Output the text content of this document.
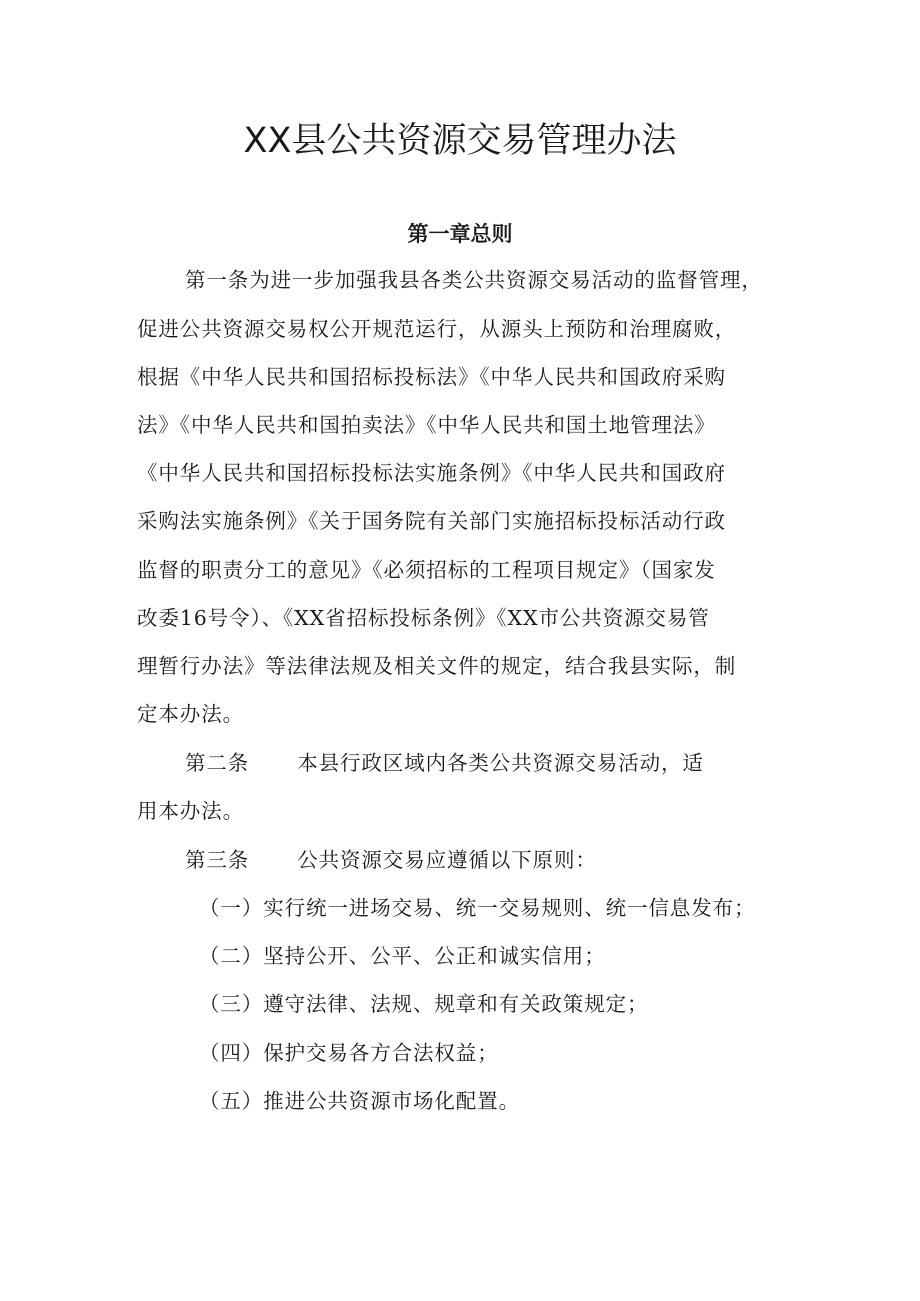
XX县公共资源交易管理办法
第一章总则
第一条为进一步加强我县各类公共资源交易活动的监督管理，
促进公共资源交易权公开规范运行，从源头上预防和治理腐败，
根据《中华人民共和国招标投标法》《中华人民共和国政府采购
法》《中华人民共和国拍卖法》《中华人民共和国土地管理法》
《中华人民共和国招标投标法实施条例》《中华人民共和国政府
采购法实施条例》《关于国务院有关部门实施招标投标活动行政
监督的职责分工的意见》《必须招标的工程项目规定》（国家发
改委16号令）、《XX省招标投标条例》《XX市公共资源交易管
理暂行办法》等法律法规及相关文件的规定，结合我县实际，制
定本办法。
第二条 本县行政区域内各类公共资源交易活动，适
用本办法。
第三条 公共资源交易应遵循以下原则：
（一）实行统一进场交易、统一交易规则、统一信息发布；
（二）坚持公开、公平、公正和诚实信用；
（三）遵守法律、法规、规章和有关政策规定；
（四）保护交易各方合法权益；
（五）推进公共资源市场化配置。
